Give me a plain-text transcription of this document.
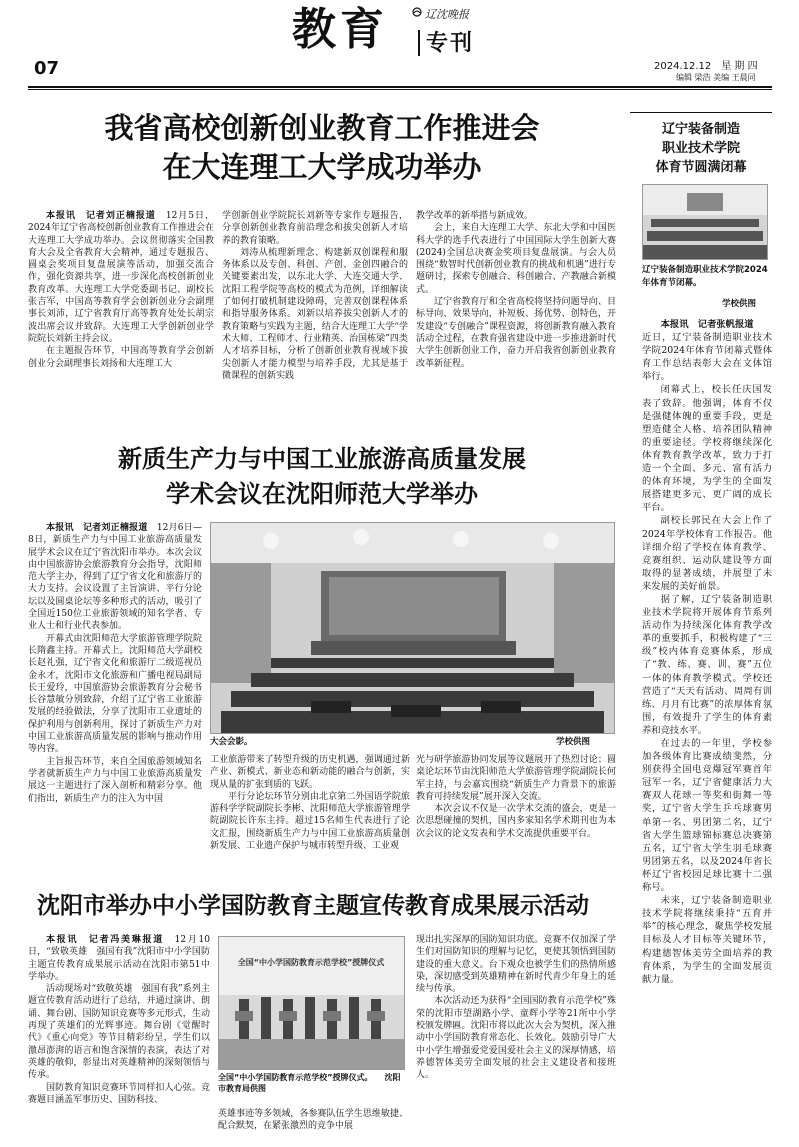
教育	辽沈晚报
专刊
07	2024.12.12　星 期 四
编辑 梁浩 美编 王晨同
我省高校创新创业教育工作推进会
在大连理工大学成功举办

本报讯　记者刘正楠报道　 12月5日，2024年辽宁省高校创新创业教育工作推进会在大连理工大学成功举办。会议贯彻落实全国教育大会及全省教育大会精神，通过专题报告、圆桌会奖项目复盘展演等活动，加强交流合作，强化资源共享，进一步深化高校创新创业教育改革。大连理工大学党委副书记、副校长张吉军，中国高等教育学会创新创业分会副理事长刘沛，辽宁省教育厅高等教育处处长胡宗波出席会议并致辞。大连理工大学创新创业学院院长刘新主持会议。

在主题报告环节，中国高等教育学会创新创业分会副理事长刘扬和大连理工大

学创新创业学院院长刘新等专家作专题报告，分享创新创业教育前沿理念和拔尖创新人才培养的教育策略。

刘涛从梳理新理念、构建新双创课程和服务体系以及专创、科创、产创、金创四融合的关键要素出发，以东北大学、大连交通大学、沈阳工程学院等高校的模式为范例，详细解读了如何打破机制建设障碍，完善双创课程体系和指导服务体系。刘新以培养拔尖创新人才的教育策略与实践为主题，结合大连理工大学“学术大师、工程师才、行业精英、治国栋梁”四类人才培养目标，分析了创新创业教育视域下拔尖创新人才能力模型与培养手段，尤其是基于微课程的创新实践

教学改革的新举措与新成效。

会上，来自大连理工大学、东北大学和中国医科大学的选手代表进行了中国国际大学生创新大赛(2024)全国总决赛金奖项目复盘展演。与会人员围绕“数智时代创新创业教育的挑战和机遇”进行专题研讨，探索专创融合、科创融合、产教融合新模式。

辽宁省教育厅和全省高校将坚持问题导向、目标导向、效果导向，补短板、扬优势、创特色，开发建设“专创融合”课程资源，将创新教育融入教育活动全过程，在教育强省建设中进一步推进新时代大学生创新创业工作，奋力开启我省创新创业教育改革新征程。

新质生产力与中国工业旅游高质量发展
学术会议在沈阳师范大学举办

本报讯　记者刘正楠报道　 12月6日—8日，新质生产力与中国工业旅游高质量发展学术会议在辽宁省沈阳市举办。本次会议由中国旅游协会旅游教育分会指导，沈阳师范大学主办，得到了辽宁省文化和旅游厅的大力支持。会议设置了主旨演讲、平行分论坛以及圆桌论坛等多种形式的活动，吸引了全国近150位工业旅游领域的知名学者、专业人士和行业代表参加。

开幕式由沈阳师范大学旅游管理学院院长隋鑫主持。开幕式上，沈阳师范大学副校长赵礼强，辽宁省文化和旅游厅二级巡视员金永才，沈阳市文化旅游和广播电视局副局长王爱玲，中国旅游协会旅游教育分会秘书长谷慧敏分别致辞，介绍了辽宁省工业旅游发展的经验做法，分享了沈阳市工业遗址的保护利用与创新利用，探讨了新质生产力对中国工业旅游高质量发展的影响与推动作用等内容。

主旨报告环节，来自全国旅游领域知名学者就新质生产力与中国工业旅游高质量发展这一主题进行了深入剖析和精彩分享。他们指出，新质生产力的注入为中国

大会会影。	学校供图

工业旅游带来了转型升级的历史机遇，强调通过新产业、新模式、新业态和新动能的融合与创新，实现从量的扩张到质的飞跃。

平行分论坛环节分别由北京第二外国语学院旅游科学学院副院长李彬、沈阳师范大学旅游管理学院副院长许东主持。超过15名师生代表进行了论文汇报，围绕新质生产力与中国工业旅游高质量创新发展、工业遗产保护与城市转型升级、工业观

光与研学旅游协同发展等议题展开了热烈讨论；圆桌论坛环节由沈阳师范大学旅游管理学院副院长何军主持，与会嘉宾围绕“新质生产力背景下的旅游教育可持续发展”展开深入交流。

本次会议不仅是一次学术交流的盛会，更是一次思想碰撞的契机，国内多家知名学术期刊也为本次会议的论文发表和学术交流提供重要平台。

沈阳市举办中小学国防教育主题宣传教育成果展示活动

本报讯　记者冯美琳报道　 12月10日，“致敬英雄　强国有我”沈阳市中小学国防主题宣传教育成果展示活动在沈阳市第51中学举办。

活动现场对“致敬英雄　强国有我”系列主题宣传教育活动进行了总结，并通过演讲、朗诵、舞台剧、国防知识竞赛等多元形式，生动再现了英雄们的光辉事迹。舞台剧《觉醒时代》《重心向党》等节目精彩纷呈，学生们以激昂澎湃的语言和饱含深情的表演，表达了对英雄的敬仰，彰显出对英雄精神的深刻领悟与传承。

国防教育知识竞赛环节同样扣人心弦。竞赛题目涵盖军事历史、国防科技、

全国“中小学国防教育示范学校”授牌仪式
全国“中小学国防教育示范学校”授牌仪式。　　沈阳市教育局供图

英雄事迹等多领域，各参赛队伍学生思维敏捷、配合默契，在紧张激烈的竞争中展

现出扎实深厚的国防知识功底。竞赛不仅加深了学生们对国防知识的理解与记忆，更使其领悟到国防建设的重大意义。台下观众也被学生们的热情所感染，深切感受到英雄精神在新时代青少年身上的延续与传承。

本次活动还为获得“全国国防教育示范学校”殊荣的沈阳市望湖路小学、童辉小学等21所中小学校颁发牌匾。沈阳市将以此次大会为契机，深入推动中小学国防教育常态化、长效化。鼓励引导广大中小学生增强爱党爱国爱社会主义的深厚情感，培养德智体美劳全面发展的社会主义建设者和接班人。

辽宁装备制造
职业技术学院
体育节圆满闭幕
辽宁装备制造职业技术学院2024年体育节闭幕。
学校供图

本报讯　记者张帆报道

近日，辽宁装备制造职业技术学院2024年体育节闭幕式暨体育工作总结表彰大会在文体馆举行。

闭幕式上，校长任庆国发表了致辞。他强调，体育不仅是强健体魄的重要手段，更是塑造健全人格、培养团队精神的重要途径。学校将继续深化体育教育教学改革，致力于打造一个全面、多元、富有活力的体育环境，为学生的全面发展搭建更多元、更广阔的成长平台。

副校长郭民在大会上作了2024年学校体育工作报告。他详细介绍了学校在体育教学、竞赛组织、运动队建设等方面取得的显著成绩，并展望了未来发展的美好前景。

据了解，辽宁装备制造职业技术学院将开展体育节系列活动作为持续深化体育教学改革的重要抓手，积极构建了“三级”校内体育竞赛体系，形成了“教、练、赛、训、赛”五位一体的体育教学模式。学校还营造了“天天有活动、周周有训练、月月有比赛”的浓厚体育氛围，有效提升了学生的体育素养和竞技水平。

在过去的一年里，学校参加各级体育比赛成绩斐然，分别获得全国电竞爆冠军赛首年冠军一名，辽宁省健康活力大赛双人花球一等奖和街舞一等奖，辽宁省大学生乒乓球赛男单第一名、男团第二名，辽宁省大学生篮球锦标赛总决赛第五名，辽宁省大学生羽毛球赛男团第五名，以及2024年省长杯辽宁省校园足球比赛十二强称号。

未来，辽宁装备制造职业技术学院将继续秉持“五育并举”的核心理念，聚焦学校发展目标及人才目标等关键环节，构建德智体美劳全面培养的教育体系，为学生的全面发展贡献力量。
